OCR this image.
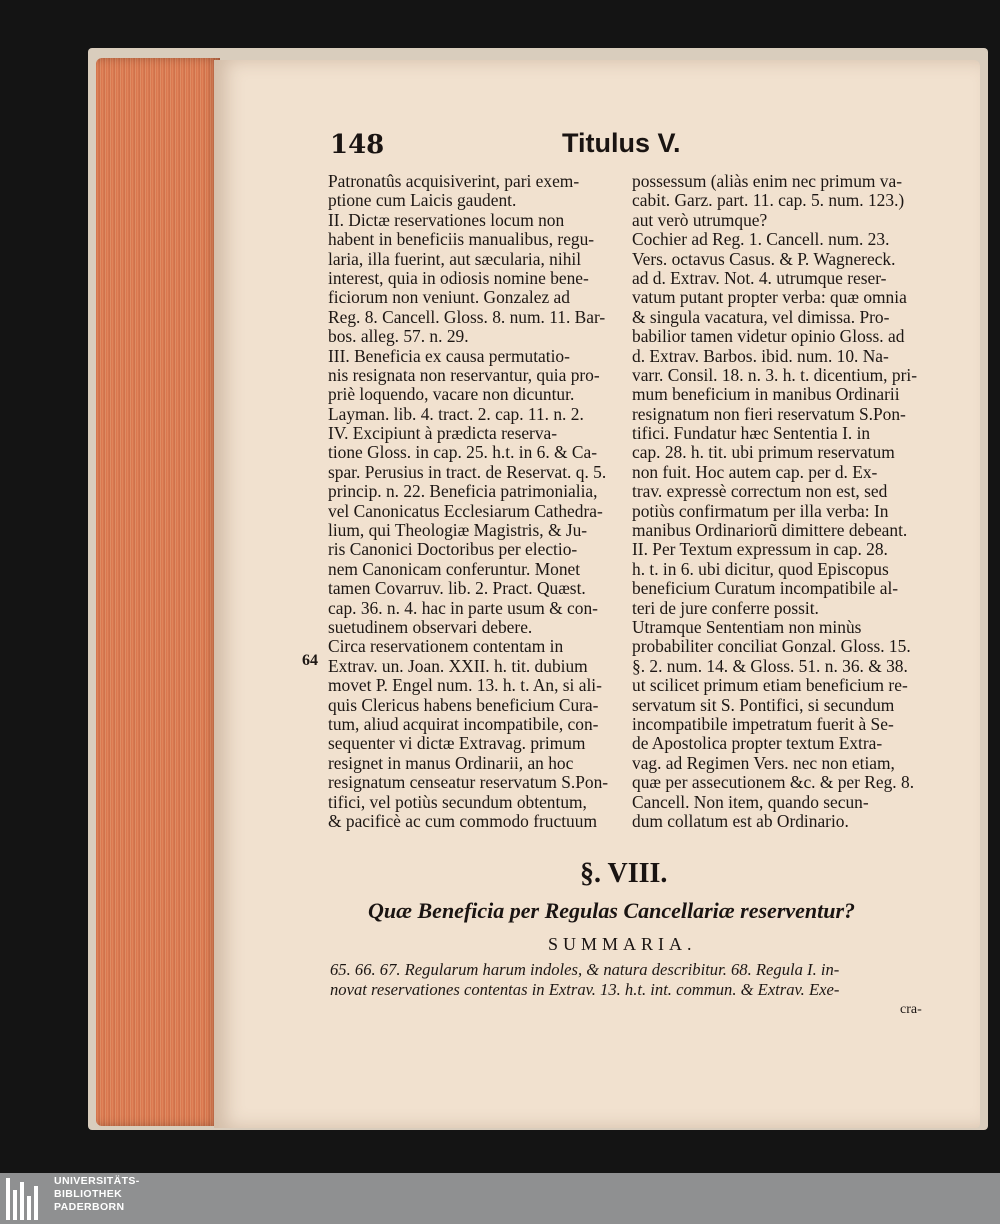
148	Titulus V.
Patronatûs acquisiverint, pari exem-
ptione cum Laicis gaudent.
II. Dictæ reservationes locum non
habent in beneficiis manualibus, regu-
laria, illa fuerint, aut sæcularia, nihil
interest, quia in odiosis nomine bene-
ficiorum non veniunt. Gonzalez ad
Reg. 8. Cancell. Gloss. 8. num. 11. Bar-
bos. alleg. 57. n. 29.
III. Beneficia ex causa permutatio-
nis resignata non reservantur, quia pro-
priè loquendo, vacare non dicuntur.
Layman. lib. 4. tract. 2. cap. 11. n. 2.
IV. Excipiunt à prædicta reserva-
tione Gloss. in cap. 25. h.t. in 6. & Ca-
spar. Perusius in tract. de Reservat. q. 5.
princip. n. 22. Beneficia patrimonialia,
vel Canonicatus Ecclesiarum Cathedra-
lium, qui Theologiæ Magistris, & Ju-
ris Canonici Doctoribus per electio-
nem Canonicam conferuntur. Monet
tamen Covarruv. lib. 2. Pract. Quæst.
cap. 36. n. 4. hac in parte usum & con-
suetudinem observari debere.
Circa reservationem contentam in
Extrav. un. Joan. XXII. h. tit. dubium
movet P. Engel num. 13. h. t. An, si ali-
quis Clericus habens beneficium Cura-
tum, aliud acquirat incompatibile, con-
sequenter vi dictæ Extravag. primum
resignet in manus Ordinarii, an hoc
resignatum censeatur reservatum S.Pon-
tifici, vel potiùs secundum obtentum,
& pacificè ac cum commodo fructuum
possessum (aliàs enim nec primum va-
cabit. Garz. part. 11. cap. 5. num. 123.)
aut verò utrumque?
Cochier ad Reg. 1. Cancell. num. 23.
Vers. octavus Casus. & P. Wagnereck.
ad d. Extrav. Not. 4. utrumque reser-
vatum putant propter verba: quæ omnia
& singula vacatura, vel dimissa. Pro-
babilior tamen videtur opinio Gloss. ad
d. Extrav. Barbos. ibid. num. 10. Na-
varr. Consil. 18. n. 3. h. t. dicentium, pri-
mum beneficium in manibus Ordinarii
resignatum non fieri reservatum S.Pon-
tifici. Fundatur hæc Sententia I. in
cap. 28. h. tit. ubi primum reservatum
non fuit. Hoc autem cap. per d. Ex-
trav. expressè correctum non est, sed
potiùs confirmatum per illa verba: In
manibus Ordinariorũ dimittere debeant.
II. Per Textum expressum in cap. 28.
h. t. in 6. ubi dicitur, quod Episcopus
beneficium Curatum incompatibile al-
teri de jure conferre possit.
Utramque Sententiam non minùs
probabiliter conciliat Gonzal. Gloss. 15.
§. 2. num. 14. & Gloss. 51. n. 36. & 38.
ut scilicet primum etiam beneficium re-
servatum sit S. Pontifici, si secundum
incompatibile impetratum fuerit à Se-
de Apostolica propter textum Extra-
vag. ad Regimen Vers. nec non etiam,
quæ per assecutionem &c. & per Reg. 8.
Cancell. Non item, quando secun-
dum collatum est ab Ordinario.
64
§. VIII.
Quæ Beneficia per Regulas Cancellariæ reserventur?
SUMMARIA.
65. 66. 67. Regularum harum indoles, & natura describitur. 68. Regula I. in-
novat reservationes contentas in Extrav. 13. h.t. int. commun. & Extrav. Exe-
cra-
UNIVERSITÄTS-
BIBLIOTHEK
PADERBORN
